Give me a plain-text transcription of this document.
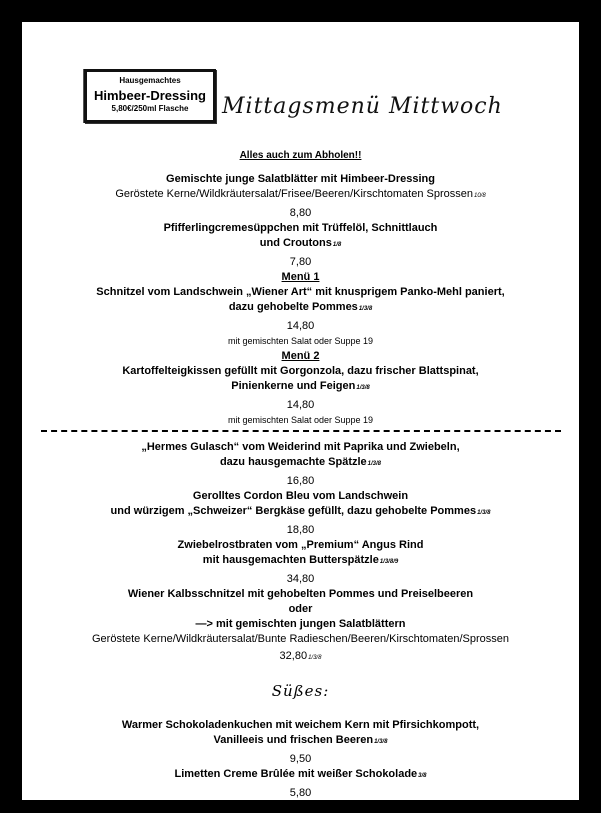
Hausgemachtes
Himbeer-Dressing
5,80€/250ml Flasche	Mittagsmenü Mittwoch
Alles auch zum Abholen!!
Gemischte junge Salatblätter mit Himbeer-Dressing
Geröstete Kerne/Wildkräutersalat/Frisee/Beeren/Kirschtomaten Sprossen10/8
8,80
Pfifferlingcremesüppchen mit Trüffelöl, Schnittlauch
und Croutons1/8
7,80
Menü 1
Schnitzel vom Landschwein „Wiener Art“ mit knusprigem Panko-Mehl paniert,
dazu gehobelte Pommes1/3/8
14,80
mit gemischten Salat oder Suppe 19
Menü 2
Kartoffelteigkissen gefüllt mit Gorgonzola, dazu frischer Blattspinat,
Pinienkerne und Feigen1/3/8
14,80
mit gemischten Salat oder Suppe 19
„Hermes Gulasch“ vom Weiderind mit Paprika und Zwiebeln,
dazu hausgemachte Spätzle1/3/8
16,80
Gerolltes Cordon Bleu vom Landschwein
und würzigem „Schweizer“ Bergkäse gefüllt, dazu gehobelte Pommes1/3/8
18,80
Zwiebelrostbraten vom „Premium“ Angus Rind
mit hausgemachten Butterspätzle1/3/8/9
34,80
Wiener Kalbsschnitzel mit gehobelten Pommes und Preiselbeeren
oder
—> mit gemischten jungen Salatblättern
Geröstete Kerne/Wildkräutersalat/Bunte Radieschen/Beeren/Kirschtomaten/Sprossen
32,801/3/8
Süßes:
Warmer Schokoladenkuchen mit weichem Kern mit Pfirsichkompott,
Vanilleeis und frischen Beeren1/3/8
9,50
Limetten Creme Brûlée mit weißer Schokolade3/8
5,80
Über die in unseren Produkten enthaltenen Allergene geben wir Ihnen gerne mündlich Auskunft.
Eine schriftliche Dokumentation kann eingesehen werd.
